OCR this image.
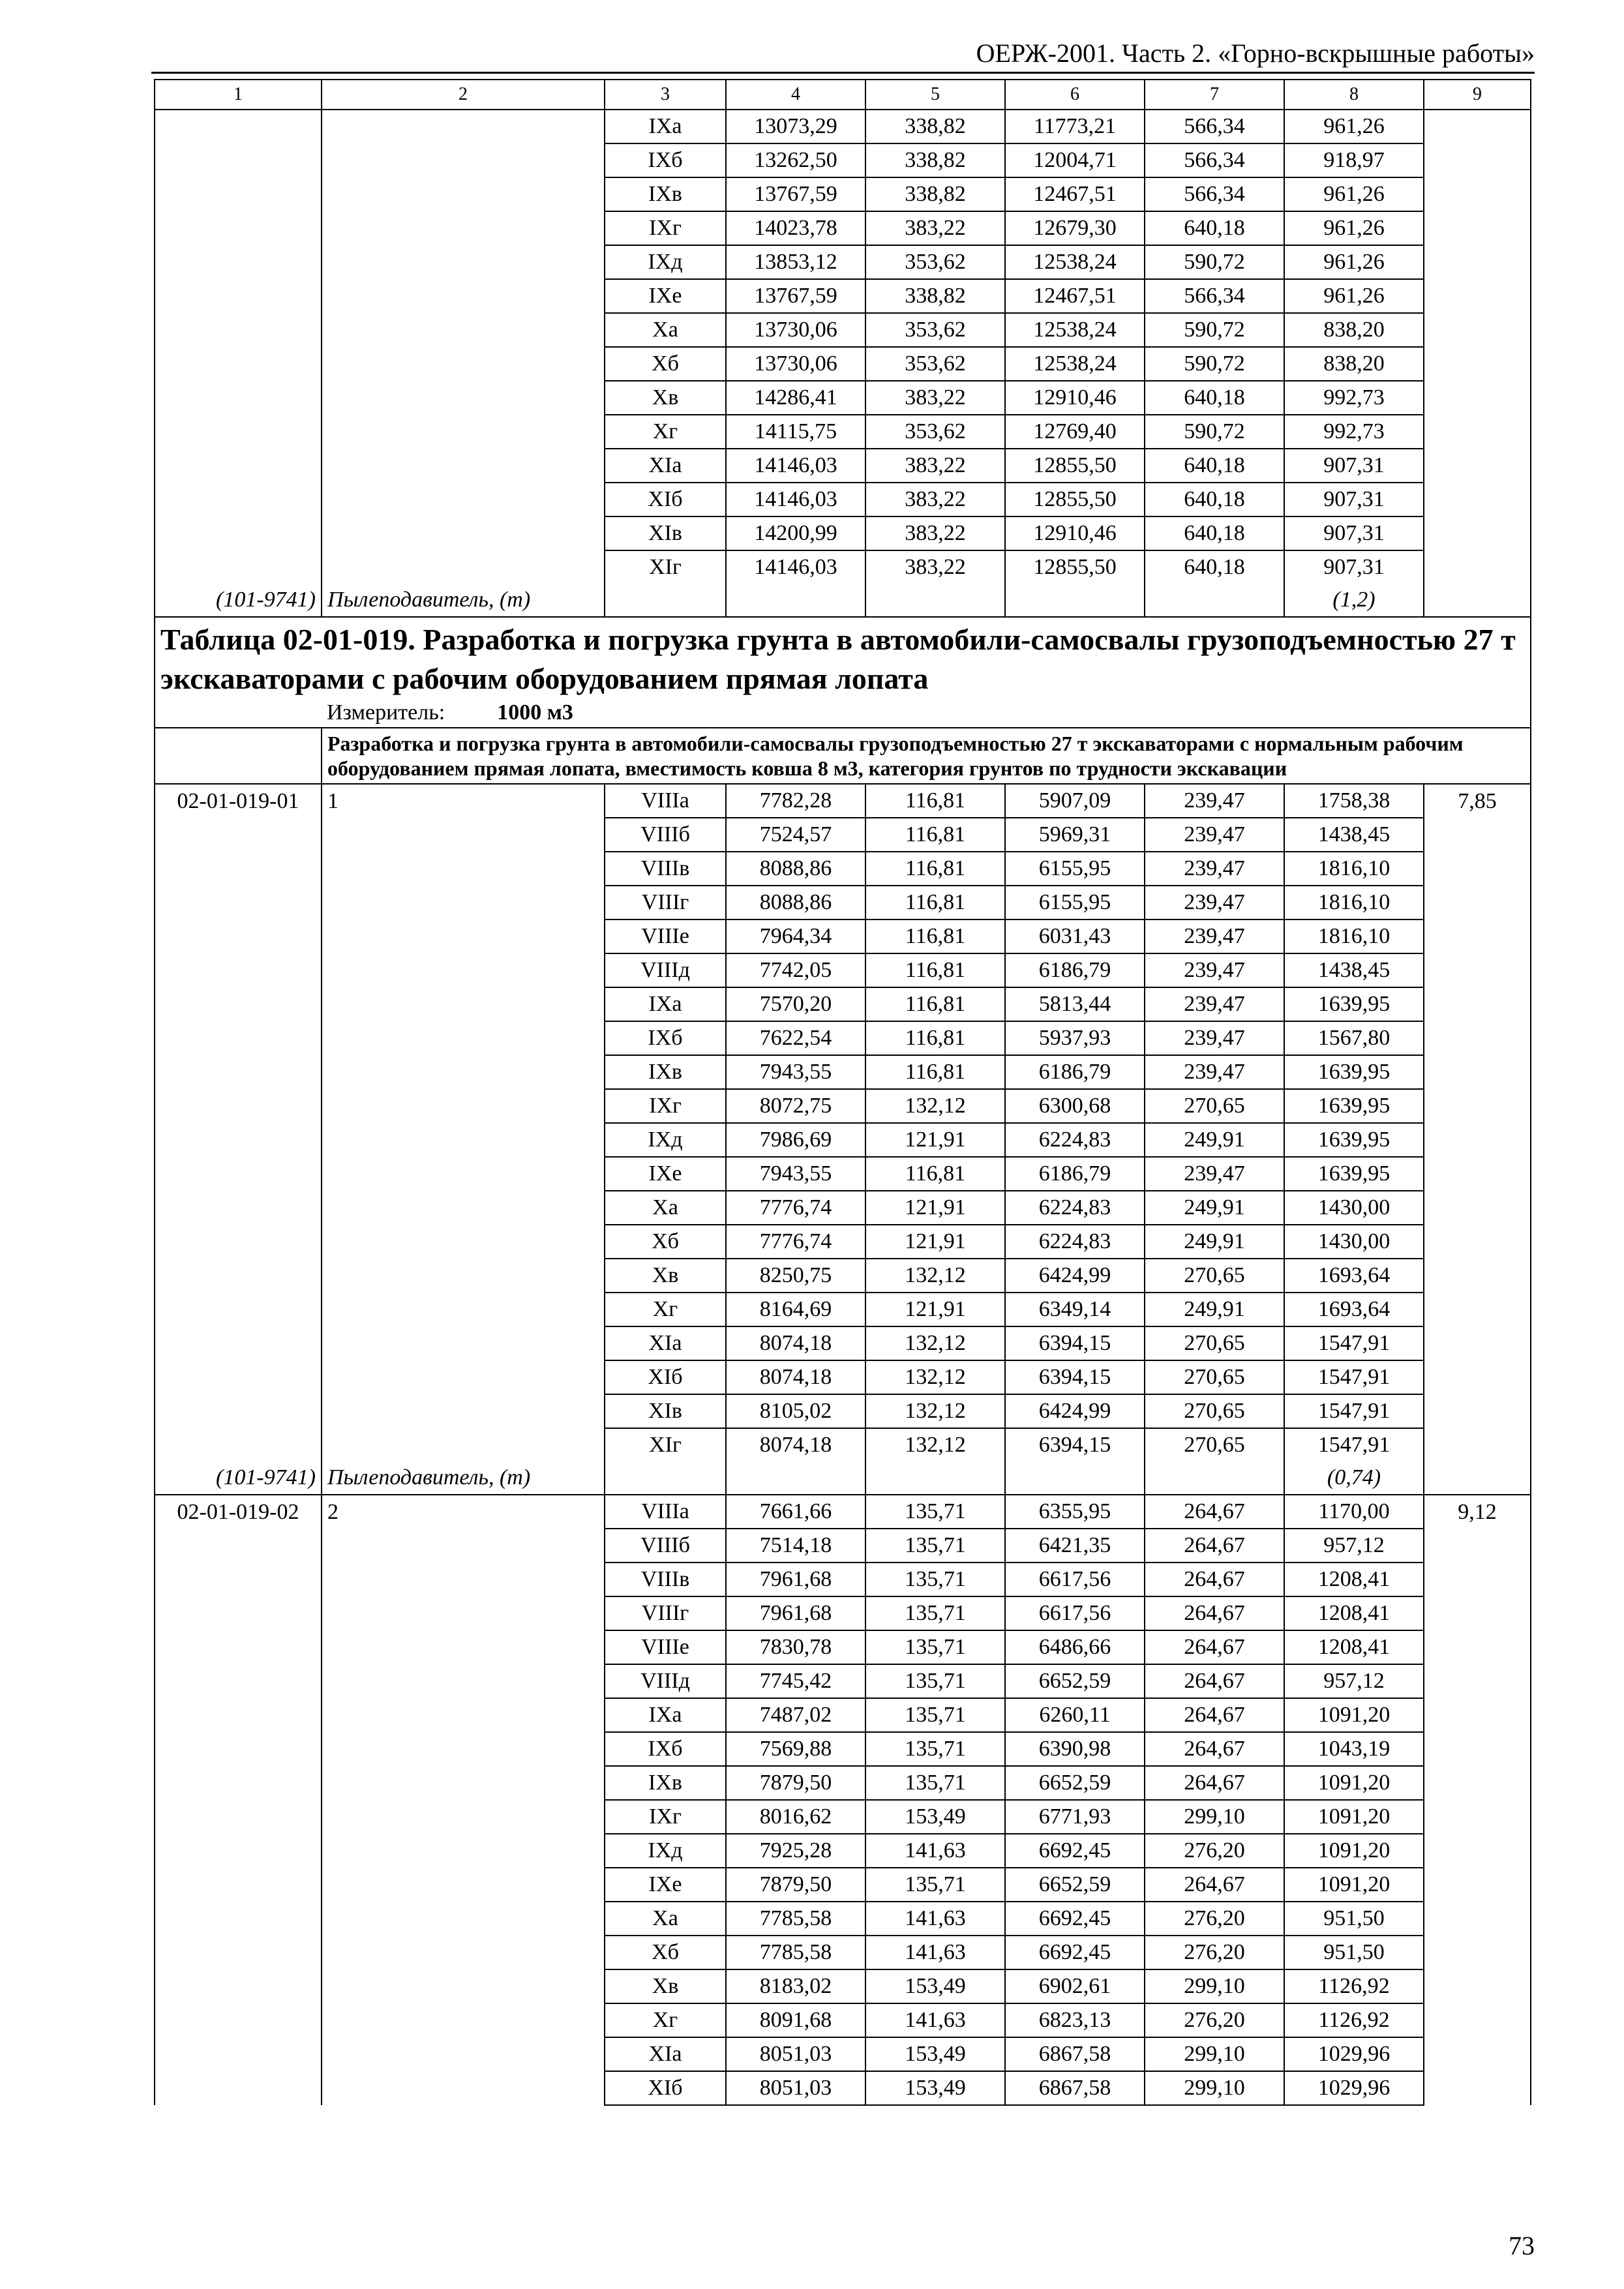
ОЕРЖ-2001. Часть 2. «Горно-вскрышные работы»
1	2	3	4	5	6	7	8	9
		IXа	13073,29	338,82	11773,21	566,34	961,26	
		IXб	13262,50	338,82	12004,71	566,34	918,97	
		IXв	13767,59	338,82	12467,51	566,34	961,26	
		IXг	14023,78	383,22	12679,30	640,18	961,26	
		IXд	13853,12	353,62	12538,24	590,72	961,26	
		IXе	13767,59	338,82	12467,51	566,34	961,26	
		Xа	13730,06	353,62	12538,24	590,72	838,20	
		Xб	13730,06	353,62	12538,24	590,72	838,20	
		Xв	14286,41	383,22	12910,46	640,18	992,73	
		Xг	14115,75	353,62	12769,40	590,72	992,73	
		XIа	14146,03	383,22	12855,50	640,18	907,31	
		XIб	14146,03	383,22	12855,50	640,18	907,31	
		XIв	14200,99	383,22	12910,46	640,18	907,31	
		XIг	14146,03	383,22	12855,50	640,18	907,31	
(101-9741)	Пылеподавитель, (т)						(1,2)	

Таблица 02-01-019. Разработка и погрузка грунта в автомобили-самосвалы грузоподъемностью 27 т экскаваторами с рабочим оборудованием прямая лопата
Измеритель: 1000 м3								

	Разработка и погрузка грунта в автомобили-самосвалы грузоподъемностью 27 т экскаваторами с нормальным рабочим оборудованием прямая лопата, вместимость ковша 8 м3, категория грунтов по трудности экскавации							

02-01-019-01	1	VIIIа	7782,28	116,81	5907,09	239,47	1758,38	7,85
		VIIIб	7524,57	116,81	5969,31	239,47	1438,45	
		VIIIв	8088,86	116,81	6155,95	239,47	1816,10	
		VIIIг	8088,86	116,81	6155,95	239,47	1816,10	
		VIIIе	7964,34	116,81	6031,43	239,47	1816,10	
		VIIIд	7742,05	116,81	6186,79	239,47	1438,45	
		IXа	7570,20	116,81	5813,44	239,47	1639,95	
		IXб	7622,54	116,81	5937,93	239,47	1567,80	
		IXв	7943,55	116,81	6186,79	239,47	1639,95	
		IXг	8072,75	132,12	6300,68	270,65	1639,95	
		IXд	7986,69	121,91	6224,83	249,91	1639,95	
		IXе	7943,55	116,81	6186,79	239,47	1639,95	
		Xа	7776,74	121,91	6224,83	249,91	1430,00	
		Xб	7776,74	121,91	6224,83	249,91	1430,00	
		Xв	8250,75	132,12	6424,99	270,65	1693,64	
		Xг	8164,69	121,91	6349,14	249,91	1693,64	
		XIа	8074,18	132,12	6394,15	270,65	1547,91	
		XIб	8074,18	132,12	6394,15	270,65	1547,91	
		XIв	8105,02	132,12	6424,99	270,65	1547,91	
		XIг	8074,18	132,12	6394,15	270,65	1547,91	
(101-9741)	Пылеподавитель, (т)						(0,74)	
02-01-019-02	2	VIIIа	7661,66	135,71	6355,95	264,67	1170,00	9,12
		VIIIб	7514,18	135,71	6421,35	264,67	957,12	
		VIIIв	7961,68	135,71	6617,56	264,67	1208,41	
		VIIIг	7961,68	135,71	6617,56	264,67	1208,41	
		VIIIе	7830,78	135,71	6486,66	264,67	1208,41	
		VIIIд	7745,42	135,71	6652,59	264,67	957,12	
		IXа	7487,02	135,71	6260,11	264,67	1091,20	
		IXб	7569,88	135,71	6390,98	264,67	1043,19	
		IXв	7879,50	135,71	6652,59	264,67	1091,20	
		IXг	8016,62	153,49	6771,93	299,10	1091,20	
		IXд	7925,28	141,63	6692,45	276,20	1091,20	
		IXе	7879,50	135,71	6652,59	264,67	1091,20	
		Xа	7785,58	141,63	6692,45	276,20	951,50	
		Xб	7785,58	141,63	6692,45	276,20	951,50	
		Xв	8183,02	153,49	6902,61	299,10	1126,92	
		Xг	8091,68	141,63	6823,13	276,20	1126,92	
		XIа	8051,03	153,49	6867,58	299,10	1029,96	
		XIб	8051,03	153,49	6867,58	299,10	1029,96	
73
